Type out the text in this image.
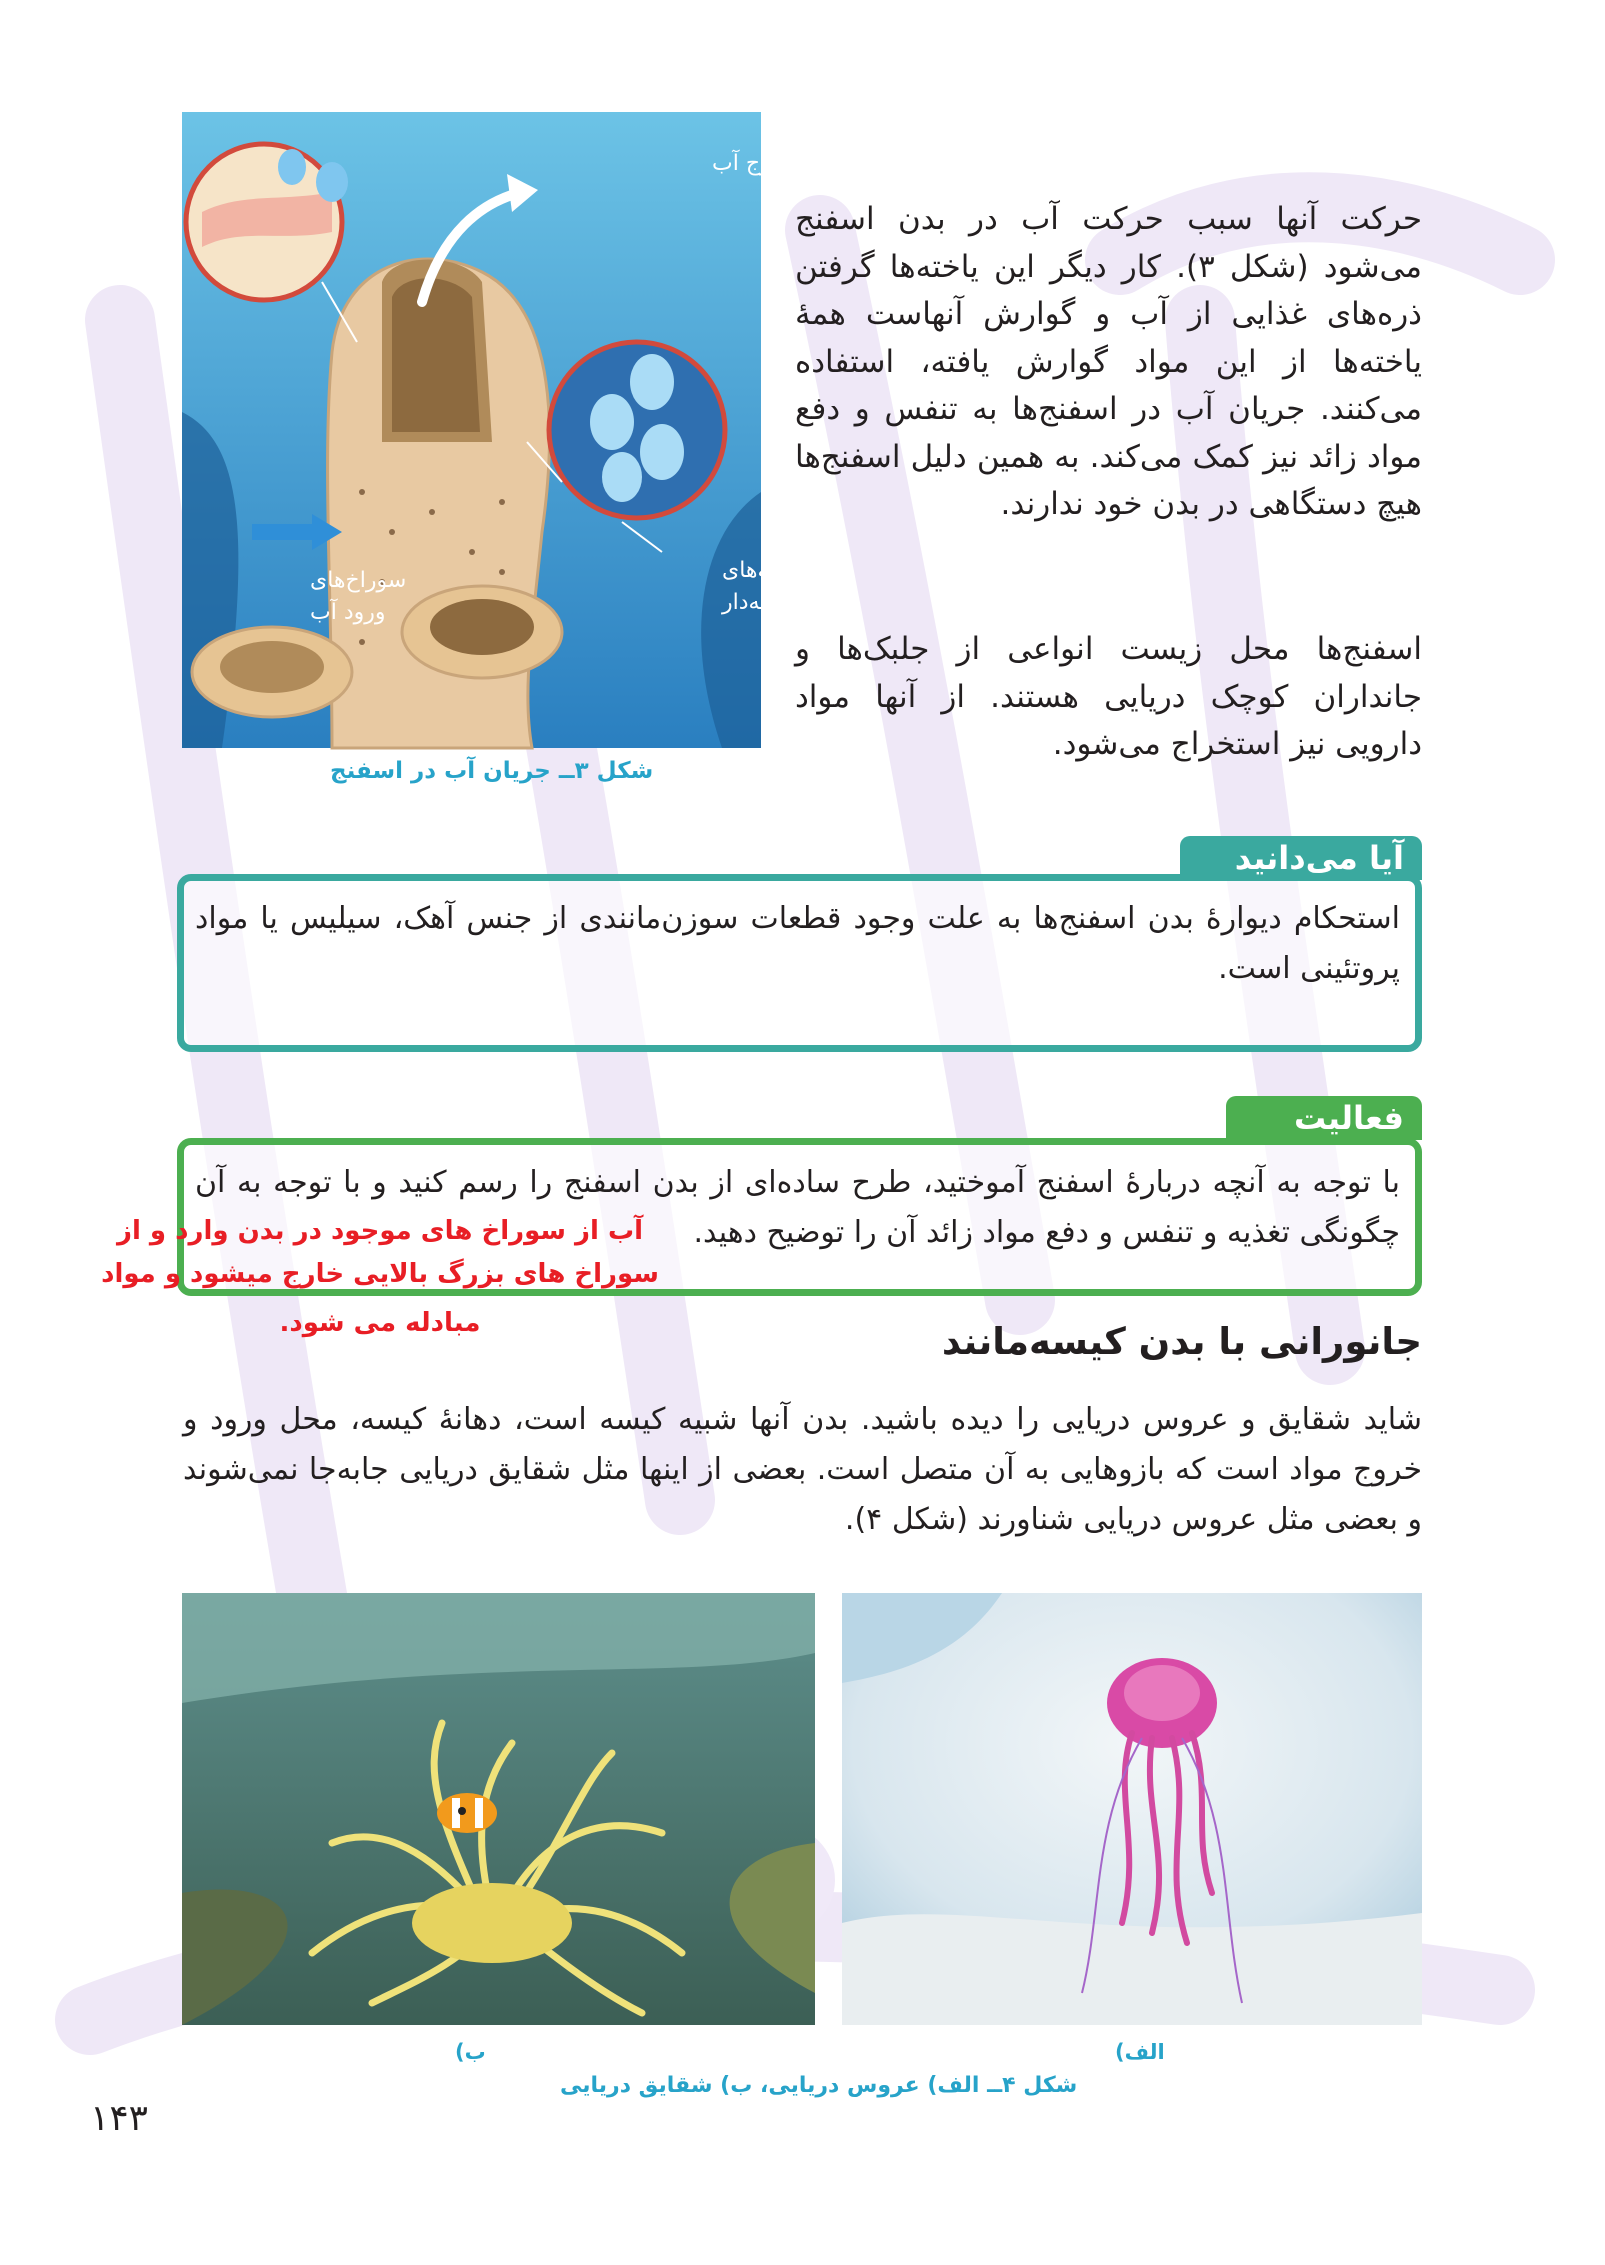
سوراخ خروج آب
سوراخ‌های
ورود آب
یاخته‌های
رشته‌دار
شکل ۳ــ جریان آب در اسفنج

حرکت آنها سبب حرکت آب در بدن اسفنج می‌شود (شکل ۳). کار دیگر این یاخته‌ها گرفتن ذره‌های غذایی از آب و گوارش آنهاست همهٔ یاخته‌ها از این مواد گوارش یافته، استفاده می‌کنند. جریان آب در اسفنج‌ها به تنفس و دفع مواد زائد نیز کمک می‌کند. به همین دلیل اسفنج‌ها هیچ دستگاهی در بدن خود ندارند.

اسفنج‌ها محل زیست انواعی از جلبک‌ها و جانداران کوچک دریایی هستند. از آنها مواد دارویی نیز استخراج می‌شود.

آیا می‌دانید

استحکام دیوارهٔ بدن اسفنج‌ها به علت وجود قطعات سوزن‌مانندی از جنس آهک، سیلیس یا مواد پروتئینی است.

فعالیت

با توجه به آنچه دربارهٔ اسفنج آموختید، طرح ساده‌ای از بدن اسفنج را رسم کنید و با توجه به آن چگونگی تغذیه و تنفس و دفع مواد زائد آن را توضیح دهید.

آب از سوراخ های موجود در بدن وارد و از
سوراخ های بزرگ بالایی خارج میشود و مواد
مبادله می شود.	جانورانی با بدن کیسه‌مانند

شاید شقایق و عروس دریایی را دیده باشید. بدن آنها شبیه کیسه است، دهانهٔ کیسه، محل ورود و خروج مواد است که بازوهایی به آن متصل است. بعضی از اینها مثل شقایق دریایی جابه‌جا نمی‌شوند و بعضی مثل عروس دریایی شناورند (شکل ۴).

الف)
ب)
شکل ۴ــ الف) عروس دریایی، ب) شقایق دریایی
۱۴۳
